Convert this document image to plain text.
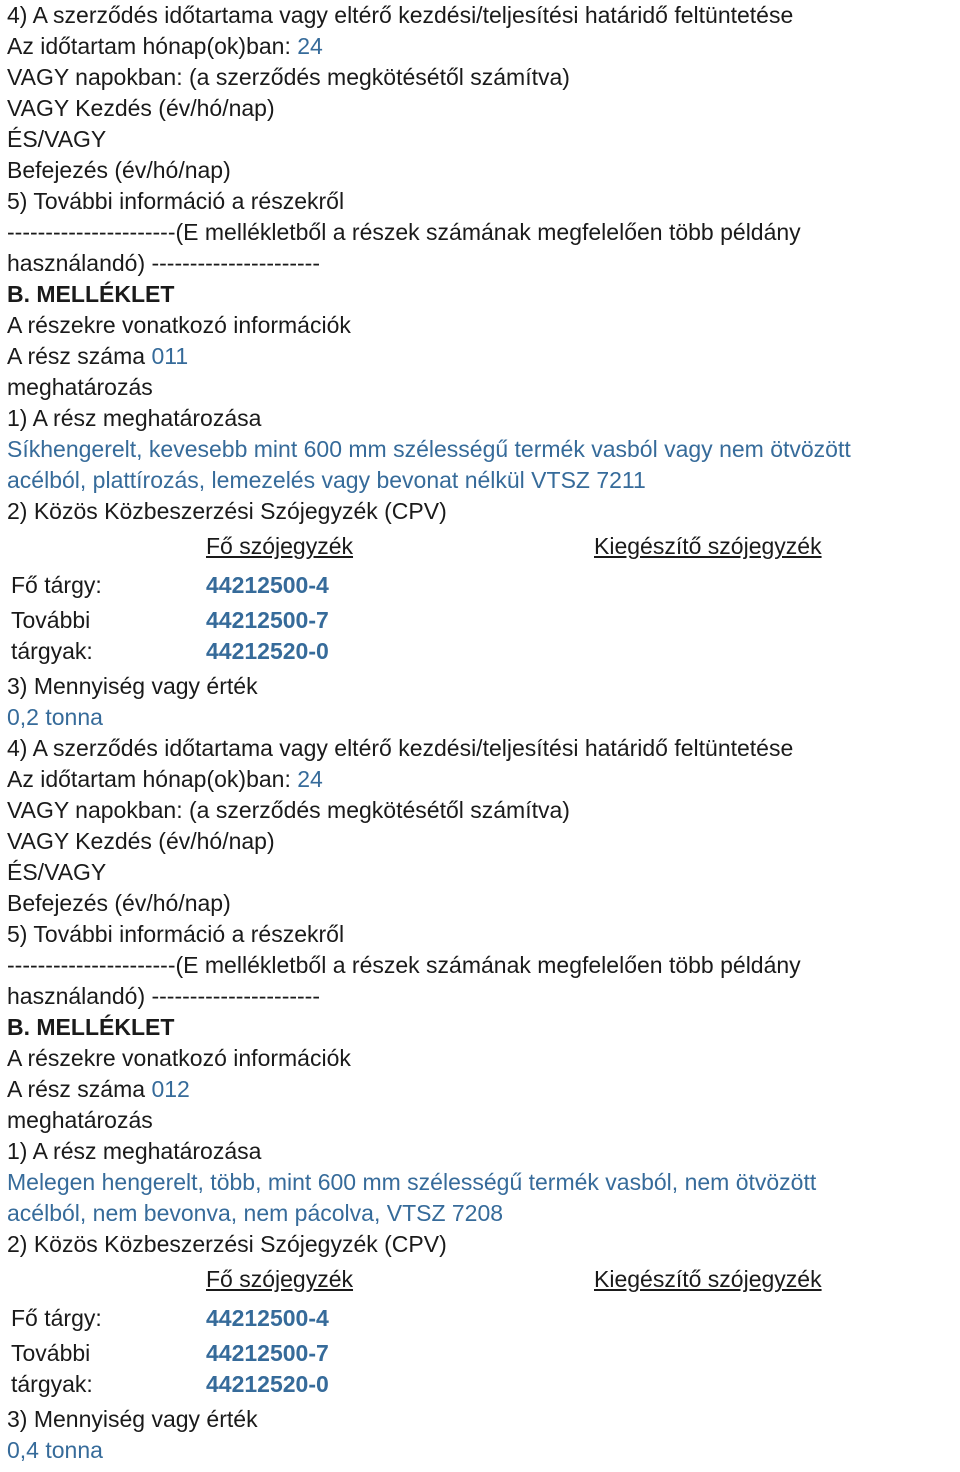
4) A szerződés időtartama vagy eltérő kezdési/teljesítési határidő feltüntetése
Az időtartam hónap(ok)ban: 24
VAGY napokban: (a szerződés megkötésétől számítva)
VAGY Kezdés (év/hó/nap)
ÉS/VAGY
Befejezés (év/hó/nap)
5) További információ a részekről
----------------------(E mellékletből a részek számának megfelelően több példány
használandó) ----------------------
B. MELLÉKLET
A részekre vonatkozó információk
A rész száma 011
meghatározás
1) A rész meghatározása
Síkhengerelt, kevesebb mint 600 mm szélességű termék vasból vagy nem ötvözött
acélból, plattírozás, lemezelés vagy bevonat nélkül VTSZ 7211
2) Közös Közbeszerzési Szójegyzék (CPV)
Fő szójegyzék	Kiegészítő szójegyzék
Fő tárgy:	44212500-4
További	44212500-7
tárgyak:	44212520-0
3) Mennyiség vagy érték
0,2 tonna
4) A szerződés időtartama vagy eltérő kezdési/teljesítési határidő feltüntetése
Az időtartam hónap(ok)ban: 24
VAGY napokban: (a szerződés megkötésétől számítva)
VAGY Kezdés (év/hó/nap)
ÉS/VAGY
Befejezés (év/hó/nap)
5) További információ a részekről
----------------------(E mellékletből a részek számának megfelelően több példány
használandó) ----------------------
B. MELLÉKLET
A részekre vonatkozó információk
A rész száma 012
meghatározás
1) A rész meghatározása
Melegen hengerelt, több, mint 600 mm szélességű termék vasból, nem ötvözött
acélból, nem bevonva, nem pácolva, VTSZ 7208
2) Közös Közbeszerzési Szójegyzék (CPV)
Fő szójegyzék	Kiegészítő szójegyzék
Fő tárgy:	44212500-4
További	44212500-7
tárgyak:	44212520-0
3) Mennyiség vagy érték
0,4 tonna
